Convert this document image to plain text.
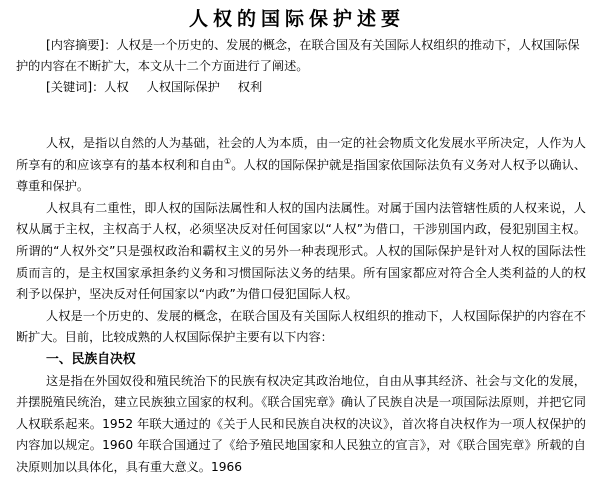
人权的国际保护述要
[内容摘要]：人权是一个历史的、发展的概念，在联合国及有关国际人权组织的推动下，人权国际保护的内容在不断扩大，本文从十二个方面进行了阐述。
[关键词]：人权 人权国际保护 权利

人权，是指以自然的人为基础，社会的人为本质，由一定的社会物质文化发展水平所决定，人作为人所享有的和应该享有的基本权利和自由①。人权的国际保护就是指国家依国际法负有义务对人权予以确认、尊重和保护。

人权具有二重性，即人权的国际法属性和人权的国内法属性。对属于国内法管辖性质的人权来说，人权从属于主权，主权高于人权，必须坚决反对任何国家以“人权”为借口，干涉别国内政，侵犯别国主权。所谓的“人权外交”只是强权政治和霸权主义的另外一种表现形式。人权的国际保护是针对人权的国际法性质而言的，是主权国家承担条约义务和习惯国际法义务的结果。所有国家都应对符合全人类利益的人的权利予以保护，坚决反对任何国家以“内政”为借口侵犯国际人权。

人权是一个历史的、发展的概念，在联合国及有关国际人权组织的推动下，人权国际保护的内容在不断扩大。目前，比较成熟的人权国际保护主要有以下内容：

一、民族自决权

这是指在外国奴役和殖民统治下的民族有权决定其政治地位，自由从事其经济、社会与文化的发展，并摆脱殖民统治，建立民族独立国家的权利。《联合国宪章》确认了民族自决是一项国际法原则，并把它同人权联系起来。1952 年联大通过的《关于人民和民族自决权的决议》，首次将自决权作为一项人权保护的内容加以规定。1960 年联合国通过了《给予殖民地国家和人民独立的宣言》，对《联合国宪章》所载的自决原则加以具体化，具有重大意义。1966
